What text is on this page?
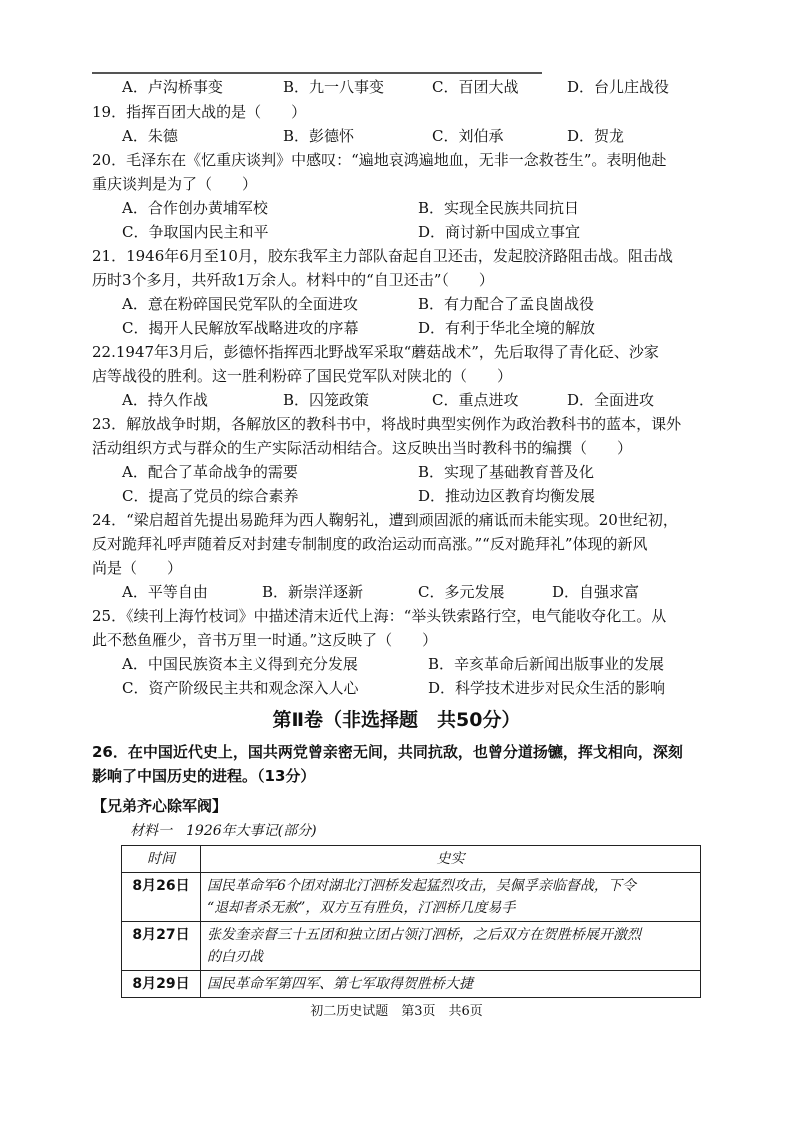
A．卢沟桥事变	B．九一八事变	C．百团大战	D．台儿庄战役
19．指挥百团大战的是（　　）
A．朱德	B．彭德怀	C．刘伯承	D．贺龙
20．毛泽东在《忆重庆谈判》中感叹：“遍地哀鸿遍地血，无非一念救苍生”。表明他赴
重庆谈判是为了（　　）
A．合作创办黄埔军校	B．实现全民族共同抗日
C．争取国内民主和平	D．商讨新中国成立事宜
21．1946年6月至10月，胶东我军主力部队奋起自卫还击，发起胶济路阻击战。阻击战
历时3个多月，共歼敌1万余人。材料中的“自卫还击”（　　）
A．意在粉碎国民党军队的全面进攻	B．有力配合了孟良崮战役
C．揭开人民解放军战略进攻的序幕	D．有利于华北全境的解放
22.1947年3月后，彭德怀指挥西北野战军采取“蘑菇战术”，先后取得了青化砭、沙家
店等战役的胜利。这一胜利粉碎了国民党军队对陕北的（　　）
A．持久作战	B．囚笼政策	C．重点进攻	D．全面进攻
23．解放战争时期，各解放区的教科书中，将战时典型实例作为政治教科书的蓝本，课外
活动组织方式与群众的生产实际活动相结合。这反映出当时教科书的编撰（　　）
A．配合了革命战争的需要	B．实现了基础教育普及化
C．提高了党员的综合素养	D．推动边区教育均衡发展
24．“梁启超首先提出易跪拜为西人鞠躬礼，遭到顽固派的痛诋而未能实现。20世纪初，
反对跪拜礼呼声随着反对封建专制制度的政治运动而高涨。”“反对跪拜礼”体现的新风
尚是（　　）
A．平等自由	B．新崇洋逐新	C．多元发展	D．自强求富
25．《续刊上海竹枝词》中描述清末近代上海：“举头铁索路行空，电气能收夺化工。从
此不愁鱼雁少，音书万里一时通。”这反映了（　　）
A．中国民族资本主义得到充分发展	B．辛亥革命后新闻出版事业的发展
C．资产阶级民主共和观念深入人心	D．科学技术进步对民众生活的影响
第Ⅱ卷（非选择题　共50分）
26．在中国近代史上，国共两党曾亲密无间，共同抗敌，也曾分道扬镳，挥戈相向，深刻
影响了中国历史的进程。（13分）
【兄弟齐心除军阀】
材料一　1926年大事记(部分)
时间	史实
8月26日	国民革命军6个团对湖北汀泗桥发起猛烈攻击，吴佩孚亲临督战，下令
“退却者杀无赦”，双方互有胜负，汀泗桥几度易手

8月27日	张发奎亲督三十五团和独立团占领汀泗桥，之后双方在贺胜桥展开激烈
的白刃战

8月29日	国民革命军第四军、第七军取得贺胜桥大捷
初二历史试题　第3页　共6页
